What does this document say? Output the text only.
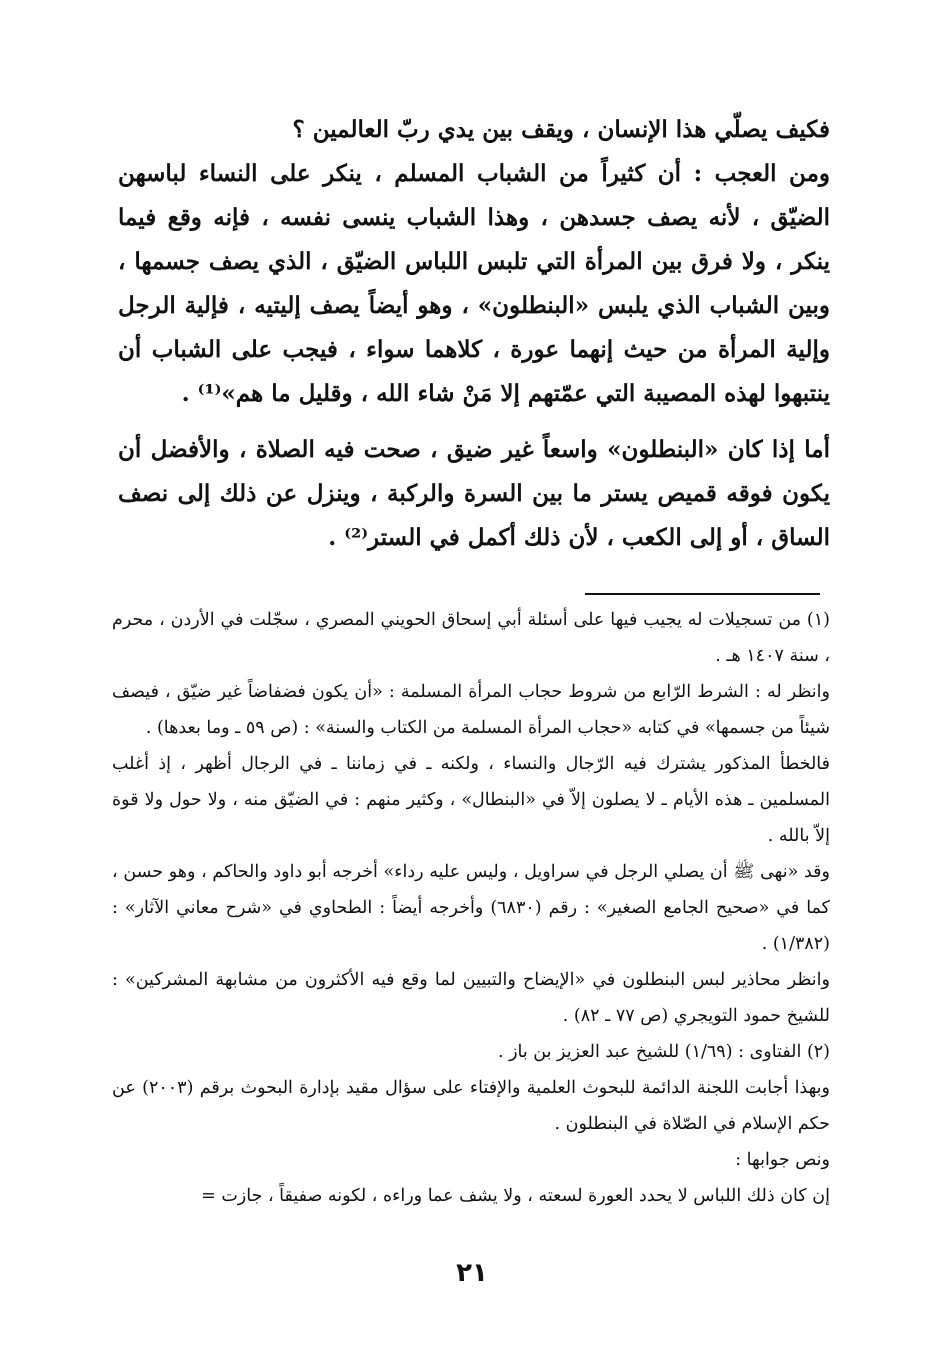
فكيف يصلّي هذا الإنسان ، ويقف بين يدي ربّ العالمين ؟

ومن العجب : أن كثيراً من الشباب المسلم ، ينكر على النساء لباسهن الضيّق ، لأنه يصف جسدهن ، وهذا الشباب ينسى نفسه ، فإنه وقع فيما ينكر ، ولا فرق بين المرأة التي تلبس اللباس الضيّق ، الذي يصف جسمها ، وبين الشباب الذي يلبس «البنطلون» ، وهو أيضاً يصف إليتيه ، فإلية الرجل وإلية المرأة من حيث إنهما عورة ، كلاهما سواء ، فيجب على الشباب أن ينتبهوا لهذه المصيبة التي عمّتهم إلا مَنْ شاء الله ، وقليل ما هم»⁽¹⁾ .

أما إذا كان «البنطلون» واسعاً غير ضيق ، صحت فيه الصلاة ، والأفضل أن يكون فوقه قميص يستر ما بين السرة والركبة ، وينزل عن ذلك إلى نصف الساق ، أو إلى الكعب ، لأن ذلك أكمل في الستر⁽²⁾ .

(١) من تسجيلات له يجيب فيها على أسئلة أبي إسحاق الحويني المصري ، سجّلت في الأردن ، محرم ، سنة ١٤٠٧ هـ .

وانظر له : الشرط الرّابع من شروط حجاب المرأة المسلمة : «أن يكون فضفاضاً غير ضيّق ، فيصف شيئاً من جسمها» في كتابه «حجاب المرأة المسلمة من الكتاب والسنة» : (ص ٥٩ ـ وما بعدها) .

فالخطأ المذكور يشترك فيه الرّجال والنساء ، ولكنه ـ في زماننا ـ في الرجال أظهر ، إذ أغلب المسلمين ـ هذه الأيام ـ لا يصلون إلاّ في «البنطال» ، وكثير منهم : في الضيّق منه ، ولا حول ولا قوة إلاّ بالله .

وقد «نهى ﷺ أن يصلي الرجل في سراويل ، وليس عليه رداء» أخرجه أبو داود والحاكم ، وهو حسن ، كما في «صحيح الجامع الصغير» : رقم (٦٨٣٠) وأخرجه أيضاً : الطحاوي في «شرح معاني الآثار» : (١/٣٨٢) .

وانظر محاذير لبس البنطلون في «الإيضاح والتبيين لما وقع فيه الأكثرون من مشابهة المشركين» : للشيخ حمود التويجري (ص ٧٧ ـ ٨٢) .

(٢) الفتاوى : (١/٦٩) للشيخ عبد العزيز بن باز .

وبهذا أجابت اللجنة الدائمة للبحوث العلمية والإفتاء على سؤال مقيد بإدارة البحوث برقم (٢٠٠٣) عن حكم الإسلام في الصّلاة في البنطلون .

ونص جوابها :

إن كان ذلك اللباس لا يحدد العورة لسعته ، ولا يشف عما وراءه ، لكونه صفيقاً ، جازت =

٢١
